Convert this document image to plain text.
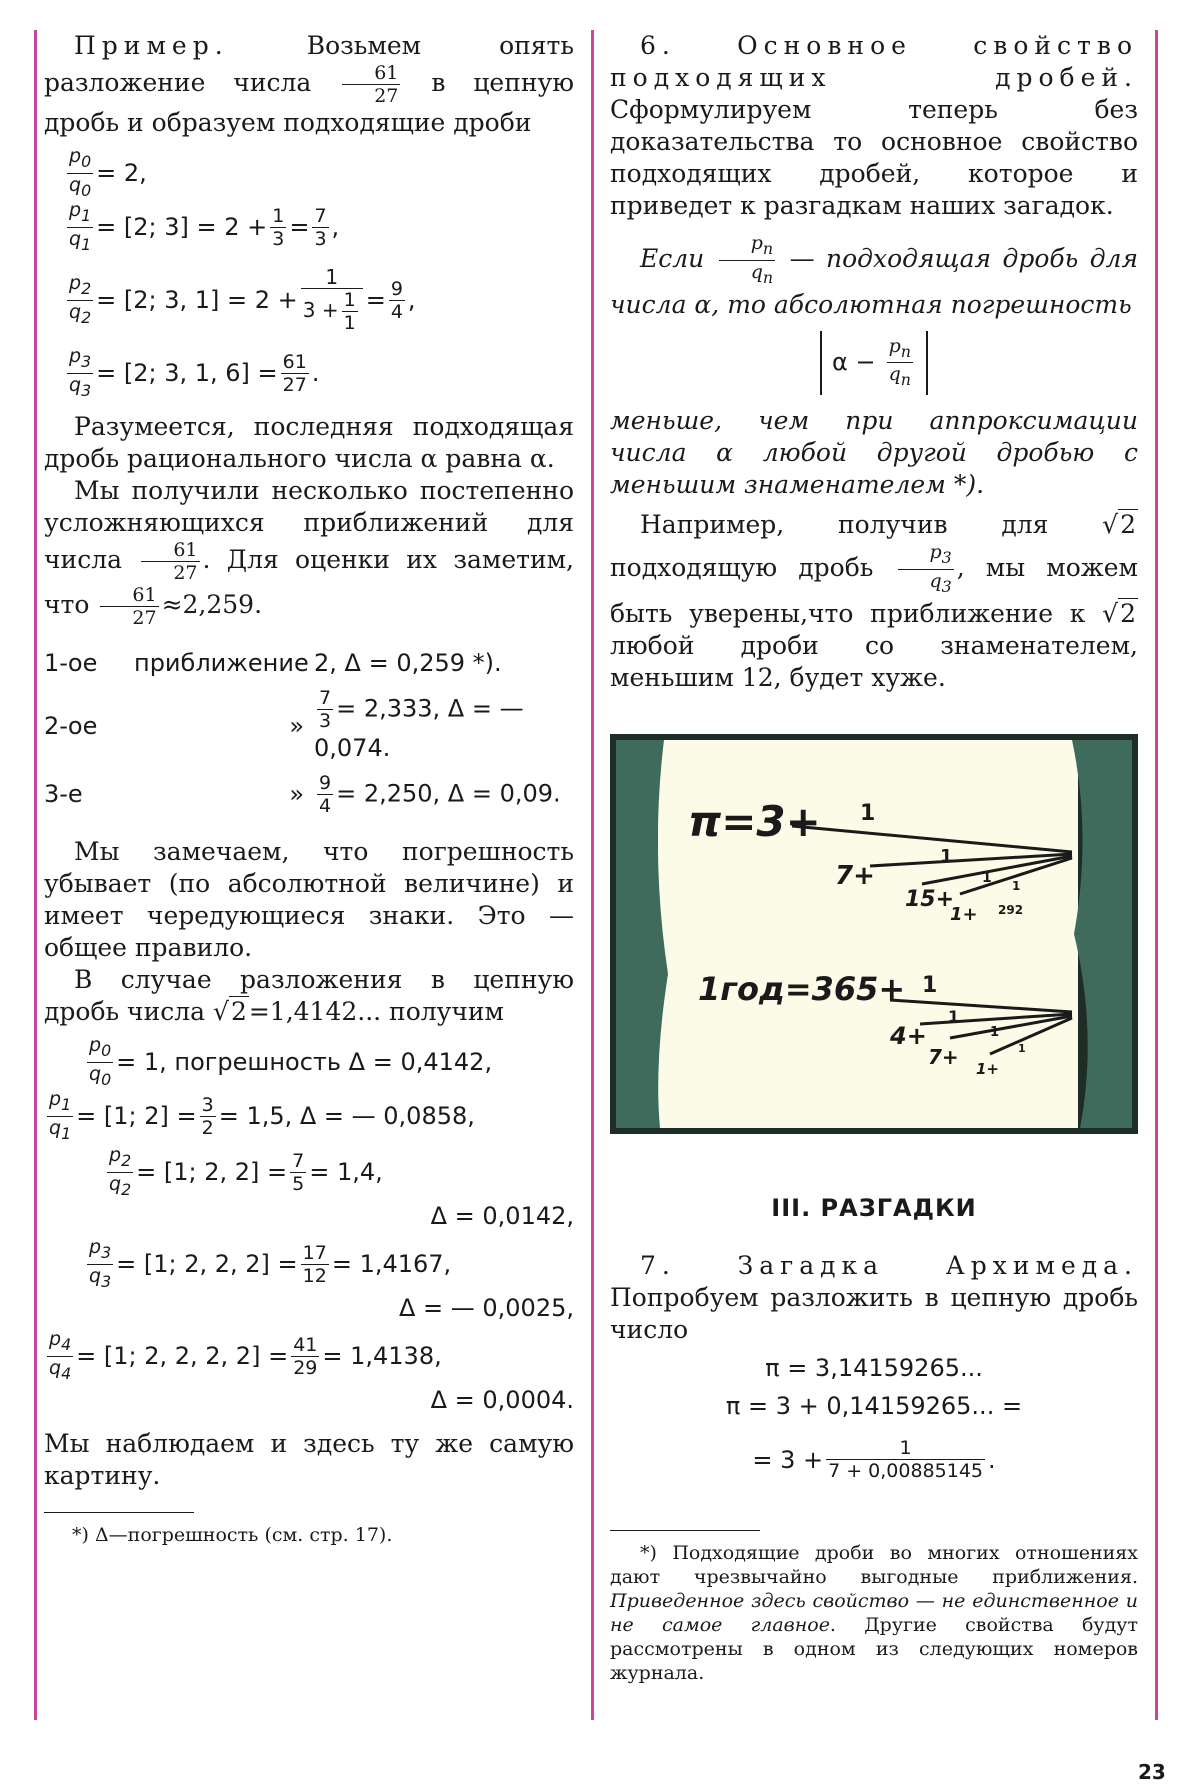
Пример.	Возьмем опять разложение числа $\frac{61}{27}$ в цепную дробь и образуем подходящие дроби

$\frac{p_0}{q_0} = 2$,
$\frac{p_1}{q_1} = [2$; $3] = 2 + \frac{1}{3} = \frac{7}{3}$ ,
$\frac{p_2}{q_2} = [2$; 3, $1] = 2 + \frac{1}{3 + \frac{1}{1}} = \frac{9}{4}$ ,
$\frac{p_3}{q_3} = [2$; 3, 1, $6] = \frac{61}{27}$ .

Разумеется, последняя подходящая дробь рационального числа α равна α.

Мы получили несколько постепенно усложняющихся приближений для числа $\frac{61}{27}$ . Для оценки их заметим, что $\frac{61}{27} \approx 2,259$.

1-ое	приближение	2, Δ = 0,259 *).
2-ое	»	$\frac{7}{3} = 2,333$, Δ = —0,074.
3-е	»	$\frac{9}{4} = 2,250$, Δ = 0,09.

Мы замечаем, что погрешность убывает (по абсолютной величине) и имеет чередующиеся знаки. Это — общее правило.

В случае разложения в цепную дробь числа √2=1,4142... получим

$\frac{p_0}{q_0} = 1$, погрешность Δ = 0,4142,
$\frac{p_1}{q_1} = [1$; $2] = \frac{3}{2} = 1,5$, Δ = — 0,0858,
$\frac{p_2}{q_2} = [1$; 2, $2] = \frac{7}{5} = 1,4$,
Δ = 0,0142,
$\frac{p_3}{q_3} = [1$; 2, 2, $2] = \frac{17}{12} = 1,4167$,
Δ = — 0,0025,
$\frac{p_4}{q_4} = [1$; 2, 2, 2, $2] = \frac{41}{29} = 1,4138$,
Δ = 0,0004.

Мы наблюдаем и здесь ту же самую картину.

*) Δ—погрешность (см. стр. 17).

6. Основное свойство подходящих дробей. Сформулируем теперь без доказательства то основное свойство подходящих дробей, которое и приведет к разгадкам наших загадок.

Если $\frac{p_n}{q_n}$ — подходящая дробь для числа α, то абсолютная погрешность

$\alpha - \frac{p_n}{q_n}$

меньше, чем при аппроксимации числа α любой другой дробью с меньшим знаменателем *).

Например, получив для √2 подходящую дробь $\frac{p_3}{q_3}$ , мы можем быть уверены,что приближение к √2 любой дроби со знаменателем, меньшим 12, будет хуже.

π=3+ 1
7+
1
15+
1
1+
1
292
1год=365+ 1
4+
1
7+
1
1+
1

III. РАЗГАДКИ

7. Загадка Архимеда. Попробуем разложить в цепную дробь число

π = 3,14159265...
π = 3 + 0,14159265... =
= $3 + \frac{1}{7 + 0,00885145}$ .

*) Подходящие дроби во многих отношениях дают чрезвычайно выгодные приближения. Приведенное здесь свойство — не единственное и не самое главное. Другие свойства будут рассмотрены в одном из следующих номеров журнала.

23
